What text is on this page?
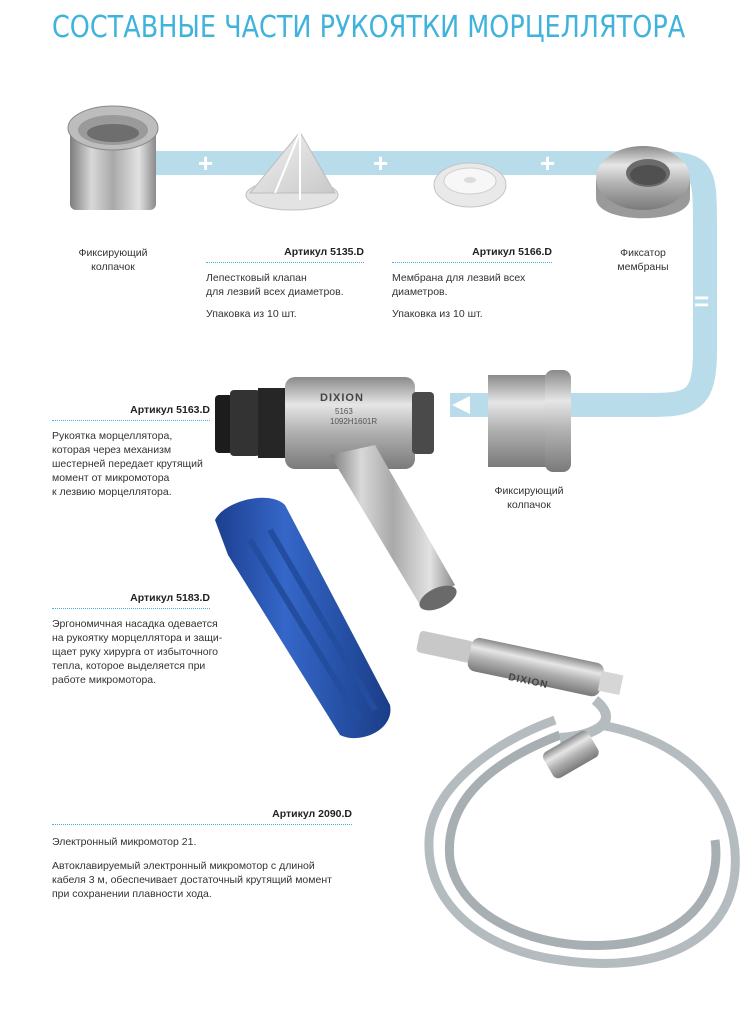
СОСТАВНЫЕ ЧАСТИ РУКОЯТКИ МОРЦЕЛЛЯТОРА
+	+	+
=
Фиксирующий
колпачок
Артикул 5135.D
Лепестковый клапан
для лезвий всех диаметров.
Упаковка из 10 шт.
Артикул 5166.D
Мембрана для лезвий всех
диаметров.
Упаковка из 10 шт.
Фиксатор
мембраны
Артикул 5163.D
Рукоятка морцеллятора,
которая через механизм
шестерней передает крутящий
момент от микромотора
к лезвию морцеллятора.
DIXION
5163
1092H1601R
Фиксирующий
колпачок
Артикул 5183.D
Эргономичная насадка одевается
на рукоятку морцеллятора и защи-
щает руку хирурга от избыточного
тепла, которое выделяется при
работе микромотора.	DIXION
Артикул 2090.D
Электронный микромотор 21.
Автоклавируемый электронный микромотор с длиной
кабеля 3 м, обеспечивает достаточный крутящий момент
при сохранении плавности хода.
